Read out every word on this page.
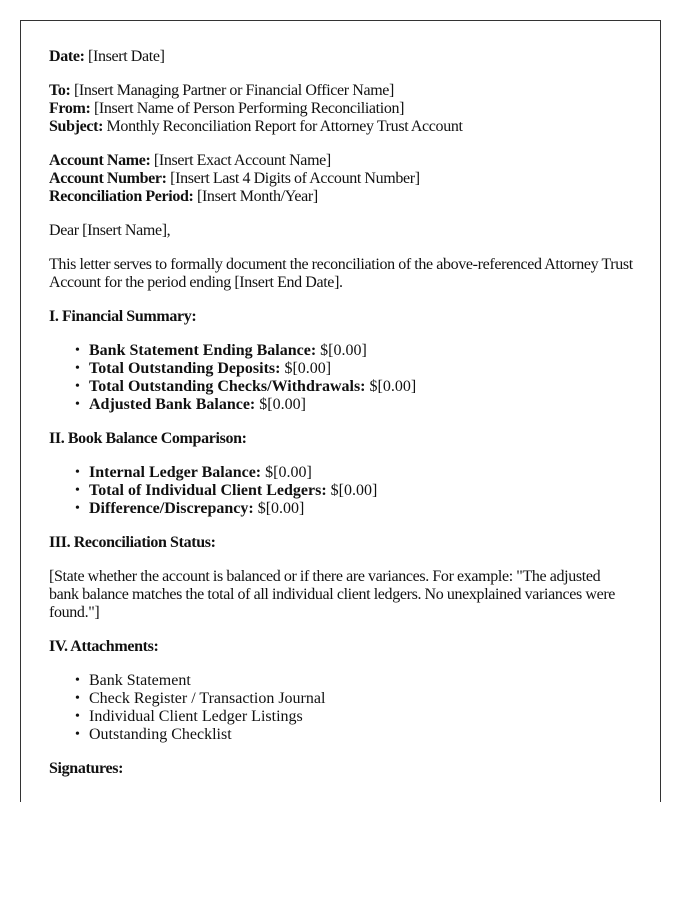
Date: [Insert Date]

To: [Insert Managing Partner or Financial Officer Name]
From: [Insert Name of Person Performing Reconciliation]
Subject: Monthly Reconciliation Report for Attorney Trust Account

Account Name: [Insert Exact Account Name]
Account Number: [Insert Last 4 Digits of Account Number]
Reconciliation Period: [Insert Month/Year]

Dear [Insert Name],

This letter serves to formally document the reconciliation of the above-referenced Attorney Trust Account for the period ending [Insert End Date].

I. Financial Summary:

• Bank Statement Ending Balance: $[0.00]
• Total Outstanding Deposits: $[0.00]
• Total Outstanding Checks/Withdrawals: $[0.00]
• Adjusted Bank Balance: $[0.00]

II. Book Balance Comparison:

• Internal Ledger Balance: $[0.00]
• Total of Individual Client Ledgers: $[0.00]
• Difference/Discrepancy: $[0.00]

III. Reconciliation Status:

[State whether the account is balanced or if there are variances. For example: "The adjusted bank balance matches the total of all individual client ledgers. No unexplained variances were found."]

IV. Attachments:

• Bank Statement
• Check Register / Transaction Journal
• Individual Client Ledger Listings
• Outstanding Checklist

Signatures:
